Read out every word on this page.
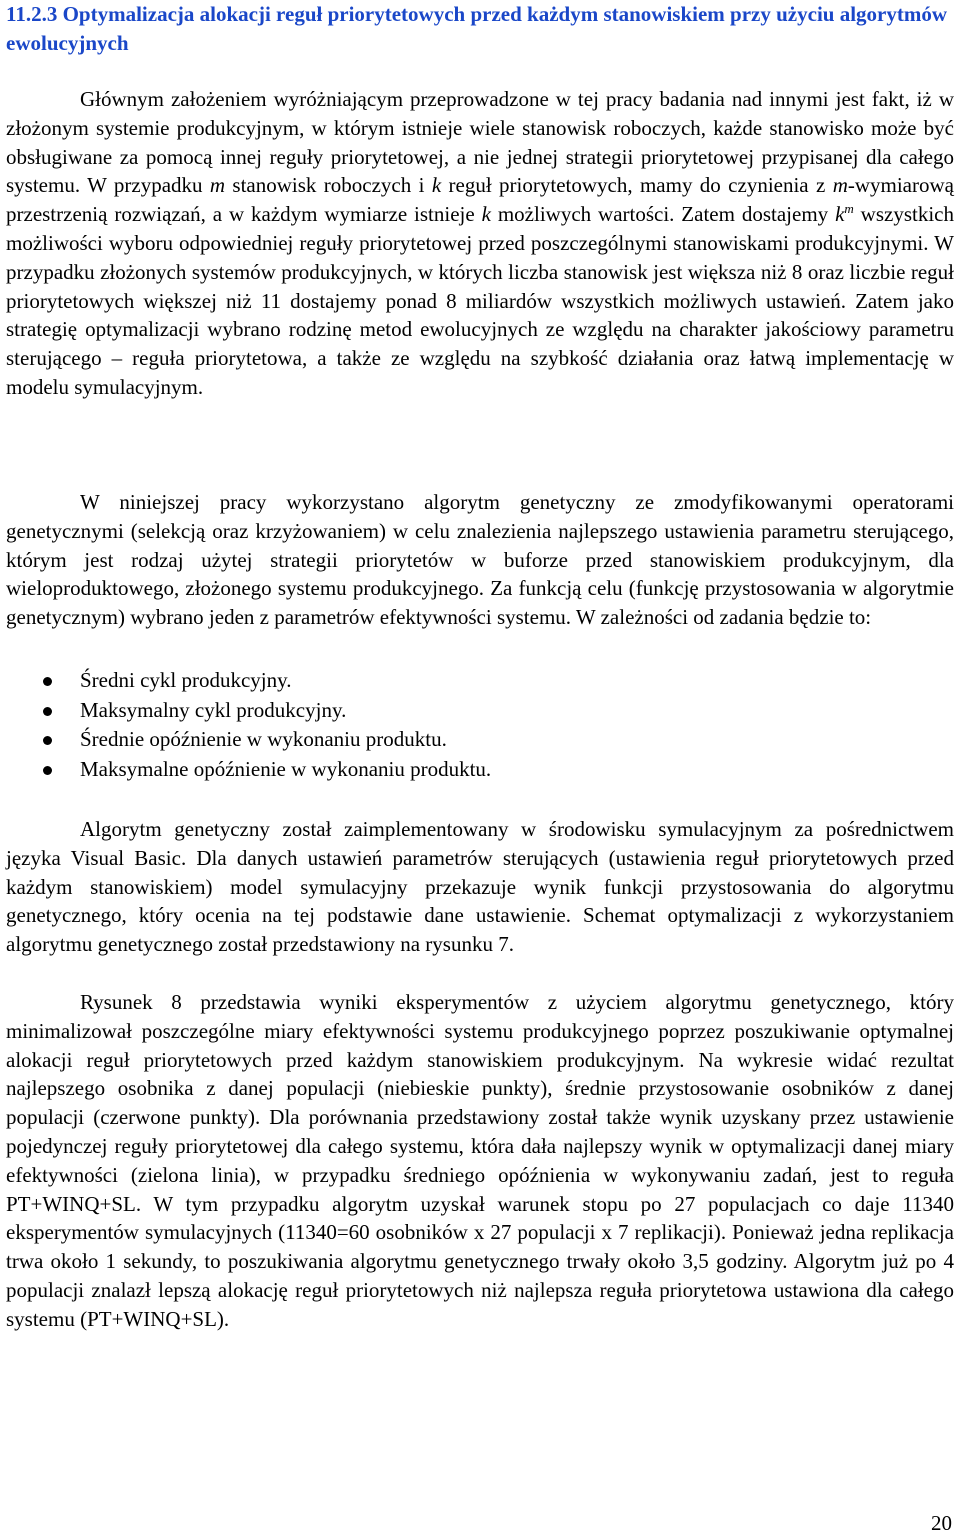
11.2.3 Optymalizacja alokacji reguł priorytetowych przed każdym stanowiskiem przy użyciu algorytmów ewolucyjnych

Głównym założeniem wyróżniającym przeprowadzone w tej pracy badania nad innymi jest fakt, iż w złożonym systemie produkcyjnym, w którym istnieje wiele stanowisk roboczych, każde stanowisko może być obsługiwane za pomocą innej reguły priorytetowej, a nie jednej strategii priorytetowej przypisanej dla całego systemu. W przypadku m stanowisk roboczych i k reguł priorytetowych, mamy do czynienia z m-wymiarową przestrzenią rozwiązań, a w każdym wymiarze istnieje k możliwych wartości. Zatem dostajemy $k^m$ wszystkich możliwości wyboru odpowiedniej reguły priorytetowej przed poszczególnymi stanowiskami produkcyjnymi. W przypadku złożonych systemów produkcyjnych, w których liczba stanowisk jest większa niż 8 oraz liczbie reguł priorytetowych większej niż 11 dostajemy ponad 8 miliardów wszystkich możliwych ustawień. Zatem jako strategię optymalizacji wybrano rodzinę metod ewolucyjnych ze względu na charakter jakościowy parametru sterującego – reguła priorytetowa, a także ze względu na szybkość działania oraz łatwą implementację w modelu symulacyjnym.

W niniejszej pracy wykorzystano algorytm genetyczny ze zmodyfikowanymi operatorami genetycznymi (selekcją oraz krzyżowaniem) w celu znalezienia najlepszego ustawienia parametru sterującego, którym jest rodzaj użytej strategii priorytetów w buforze przed stanowiskiem produkcyjnym, dla wieloproduktowego, złożonego systemu produkcyjnego. Za funkcją celu (funkcję przystosowania w algorytmie genetycznym) wybrano jeden z parametrów efektywności systemu. W zależności od zadania będzie to:

Średni cykl produkcyjny.
Maksymalny cykl produkcyjny.
Średnie opóźnienie w wykonaniu produktu.
Maksymalne opóźnienie w wykonaniu produktu.

Algorytm genetyczny został zaimplementowany w środowisku symulacyjnym za pośrednictwem języka Visual Basic. Dla danych ustawień parametrów sterujących (ustawienia reguł priorytetowych przed każdym stanowiskiem) model symulacyjny przekazuje wynik funkcji przystosowania do algorytmu genetycznego, który ocenia na tej podstawie dane ustawienie. Schemat optymalizacji z wykorzystaniem algorytmu genetycznego został przedstawiony na rysunku 7.

Rysunek 8 przedstawia wyniki eksperymentów z użyciem algorytmu genetycznego, który minimalizował poszczególne miary efektywności systemu produkcyjnego poprzez poszukiwanie optymalnej alokacji reguł priorytetowych przed każdym stanowiskiem produkcyjnym. Na wykresie widać rezultat najlepszego osobnika z danej populacji (niebieskie punkty), średnie przystosowanie osobników z danej populacji (czerwone punkty). Dla porównania przedstawiony został także wynik uzyskany przez ustawienie pojedynczej reguły priorytetowej dla całego systemu, która dała najlepszy wynik w optymalizacji danej miary efektywności (zielona linia), w przypadku średniego opóźnienia w wykonywaniu zadań, jest to reguła PT+WINQ+SL. W tym przypadku algorytm uzyskał warunek stopu po 27 populacjach co daje 11340 eksperymentów symulacyjnych (11340=60 osobników x 27 populacji x 7 replikacji). Ponieważ jedna replikacja trwa około 1 sekundy, to poszukiwania algorytmu genetycznego trwały około 3,5 godziny. Algorytm już po 4 populacji znalazł lepszą alokację reguł priorytetowych niż najlepsza reguła priorytetowa ustawiona dla całego systemu (PT+WINQ+SL).

20
